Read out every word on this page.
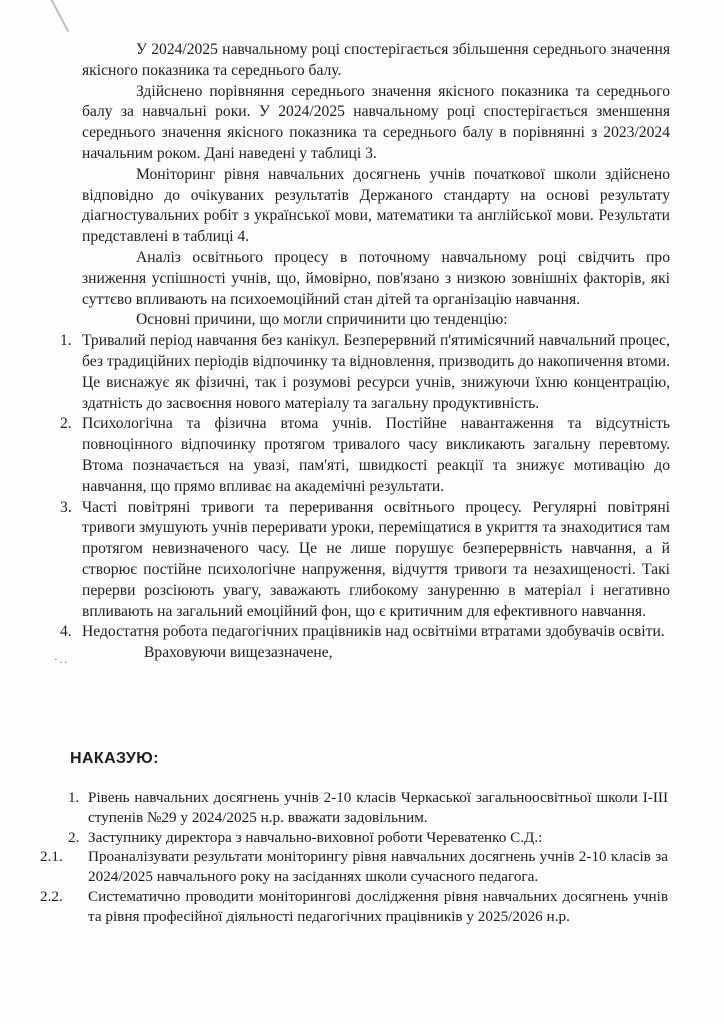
·..

У 2024/2025 навчальному році спостерігається збільшення середнього значення якісного показника та середнього балу.

Здійснено порівняння середнього значення якісного показника та середнього балу за навчальні роки. У 2024/2025 навчальному році спостерігається зменшення середнього значення якісного показника та середнього балу в порівнянні з 2023/2024 начальним роком. Дані наведені у таблиці 3.

Моніторинг рівня навчальних досягнень учнів початкової школи здійснено відповідно до очікуваних результатів Держаного стандарту на основі результату діагностувальних робіт з української мови, математики та англійської мови. Результати представлені в таблиці 4.

Аналіз освітнього процесу в поточному навчальному році свідчить про зниження успішності учнів, що, ймовірно, пов'язано з низкою зовнішніх факторів, які суттєво впливають на психоемоційний стан дітей та організацію навчання.

Основні причини, що могли спричинити цю тенденцію:

1. Тривалий період навчання без канікул. Безперервний п'ятимісячний навчальний процес, без традиційних періодів відпочинку та відновлення, призводить до накопичення втоми. Це виснажує як фізичні, так і розумові ресурси учнів, знижуючи їхню концентрацію, здатність до засвоєння нового матеріалу та загальну продуктивність.
2. Психологічна та фізична втома учнів. Постійне навантаження та відсутність повноцінного відпочинку протягом тривалого часу викликають загальну перевтому. Втома позначається на увазі, пам'яті, швидкості реакції та знижує мотивацію до навчання, що прямо впливає на академічні результати.
3. Часті повітряні тривоги та переривання освітнього процесу. Регулярні повітряні тривоги змушують учнів переривати уроки, переміщатися в укриття та знаходитися там протягом невизначеного часу. Це не лише порушує безперервність навчання, а й створює постійне психологічне напруження, відчуття тривоги та незахищеності. Такі перерви розсіюють увагу, заважають глибокому зануренню в матеріал і негативно впливають на загальний емоційний фон, що є критичним для ефективного навчання.
4. Недостатня робота педагогічних працівників над освітніми втратами здобувачів освіти.

Враховуючи вищезазначене,

НАКАЗУЮ:

1. Рівень навчальних досягнень учнів 2-10 класів Черкаської загальноосвітньої школи І-ІІІ ступенів №29 у 2024/2025 н.р. вважати задовільним.

2. Заступнику директора з навчально-виховної роботи Череватенко С.Д.:

2.1. Проаналізувати результати моніторингу рівня навчальних досягнень учнів 2-10 класів за 2024/2025 навчального року на засіданнях школи сучасного педагога.

2.2. Систематично проводити моніторингові дослідження рівня навчальних досягнень учнів та рівня професійної діяльності педагогічних працівників у 2025/2026 н.р.
